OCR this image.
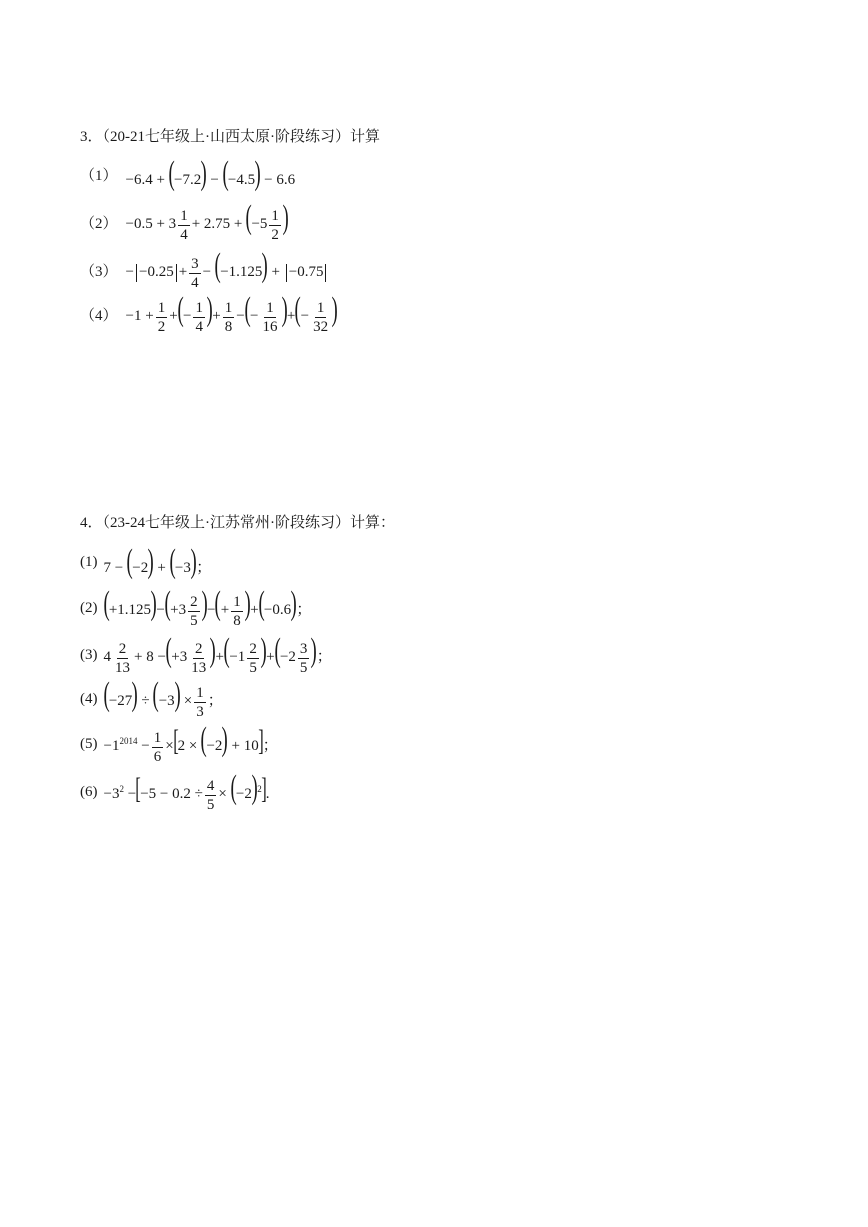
3．（20-21七年级上·山西太原·阶段练习）计算
（1） −6.4 + (−7.2) − (−4.5) − 6.6
$(2) -0.5 + 3 \frac{1}{4} + 2.75 + (-5 \frac{1}{2}$ )
$(3) - -0.25 + \frac{3}{4} - (-1.125) + -0.75$
$(4) -1 + \frac{1}{2}$ +(− $\frac{1}{4}$ )+ $\frac{1}{8}$ −(− $\frac{1}{16}$ )+(− $\frac{1}{32}$ )
4．（23-24七年级上·江苏常州·阶段练习）计算：
(1) 7 − (−2) + (−3)；
(2) $(+1.125)-(+3 \frac{2}{5}$ )−(+ $\frac{1}{8} )+(-0.6)$；
(3) $4 \frac{2}{13} + 8 -(+3 \frac{2}{13} )+(-1 \frac{2}{5} )+(-2 \frac{3}{5}$ )；
(4) $(-27) \div (-3) \times \frac{1}{3}$ ；
$(5) -1^{2014} - \frac{1}{6} \times[2 \times (-2) + 10]$；
$(6) -3^2 -[-5 - 0.2 \div \frac{4}{5} \times (-2)^2]$.
